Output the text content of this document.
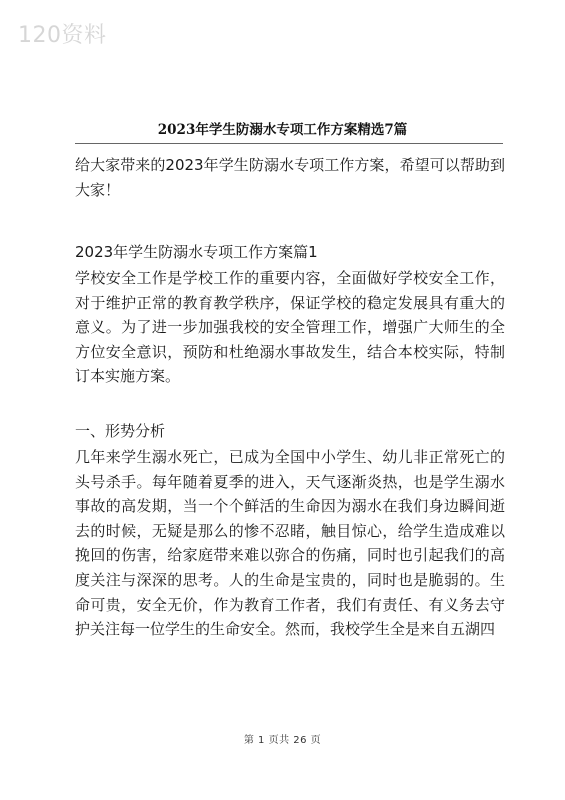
120资料
2023年学生防溺水专项工作方案精选7篇

给大家带来的2023年学生防溺水专项工作方案，希望可以帮助到大家！

2023年学生防溺水专项工作方案篇1

学校安全工作是学校工作的重要内容，全面做好学校安全工作，对于维护正常的教育教学秩序，保证学校的稳定发展具有重大的意义。为了进一步加强我校的安全管理工作，增强广大师生的全方位安全意识，预防和杜绝溺水事故发生，结合本校实际，特制订本实施方案。

一、形势分析

几年来学生溺水死亡，已成为全国中小学生、幼儿非正常死亡的头号杀手。每年随着夏季的进入，天气逐渐炎热，也是学生溺水事故的高发期，当一个个鲜活的生命因为溺水在我们身边瞬间逝去的时候，无疑是那么的惨不忍睹，触目惊心，给学生造成难以挽回的伤害，给家庭带来难以弥合的伤痛，同时也引起我们的高度关注与深深的思考。人的生命是宝贵的，同时也是脆弱的。生命可贵，安全无价，作为教育工作者，我们有责任、有义务去守护关注每一位学生的生命安全。然而，我校学生全是来自五湖四

第 1 页共 26 页
